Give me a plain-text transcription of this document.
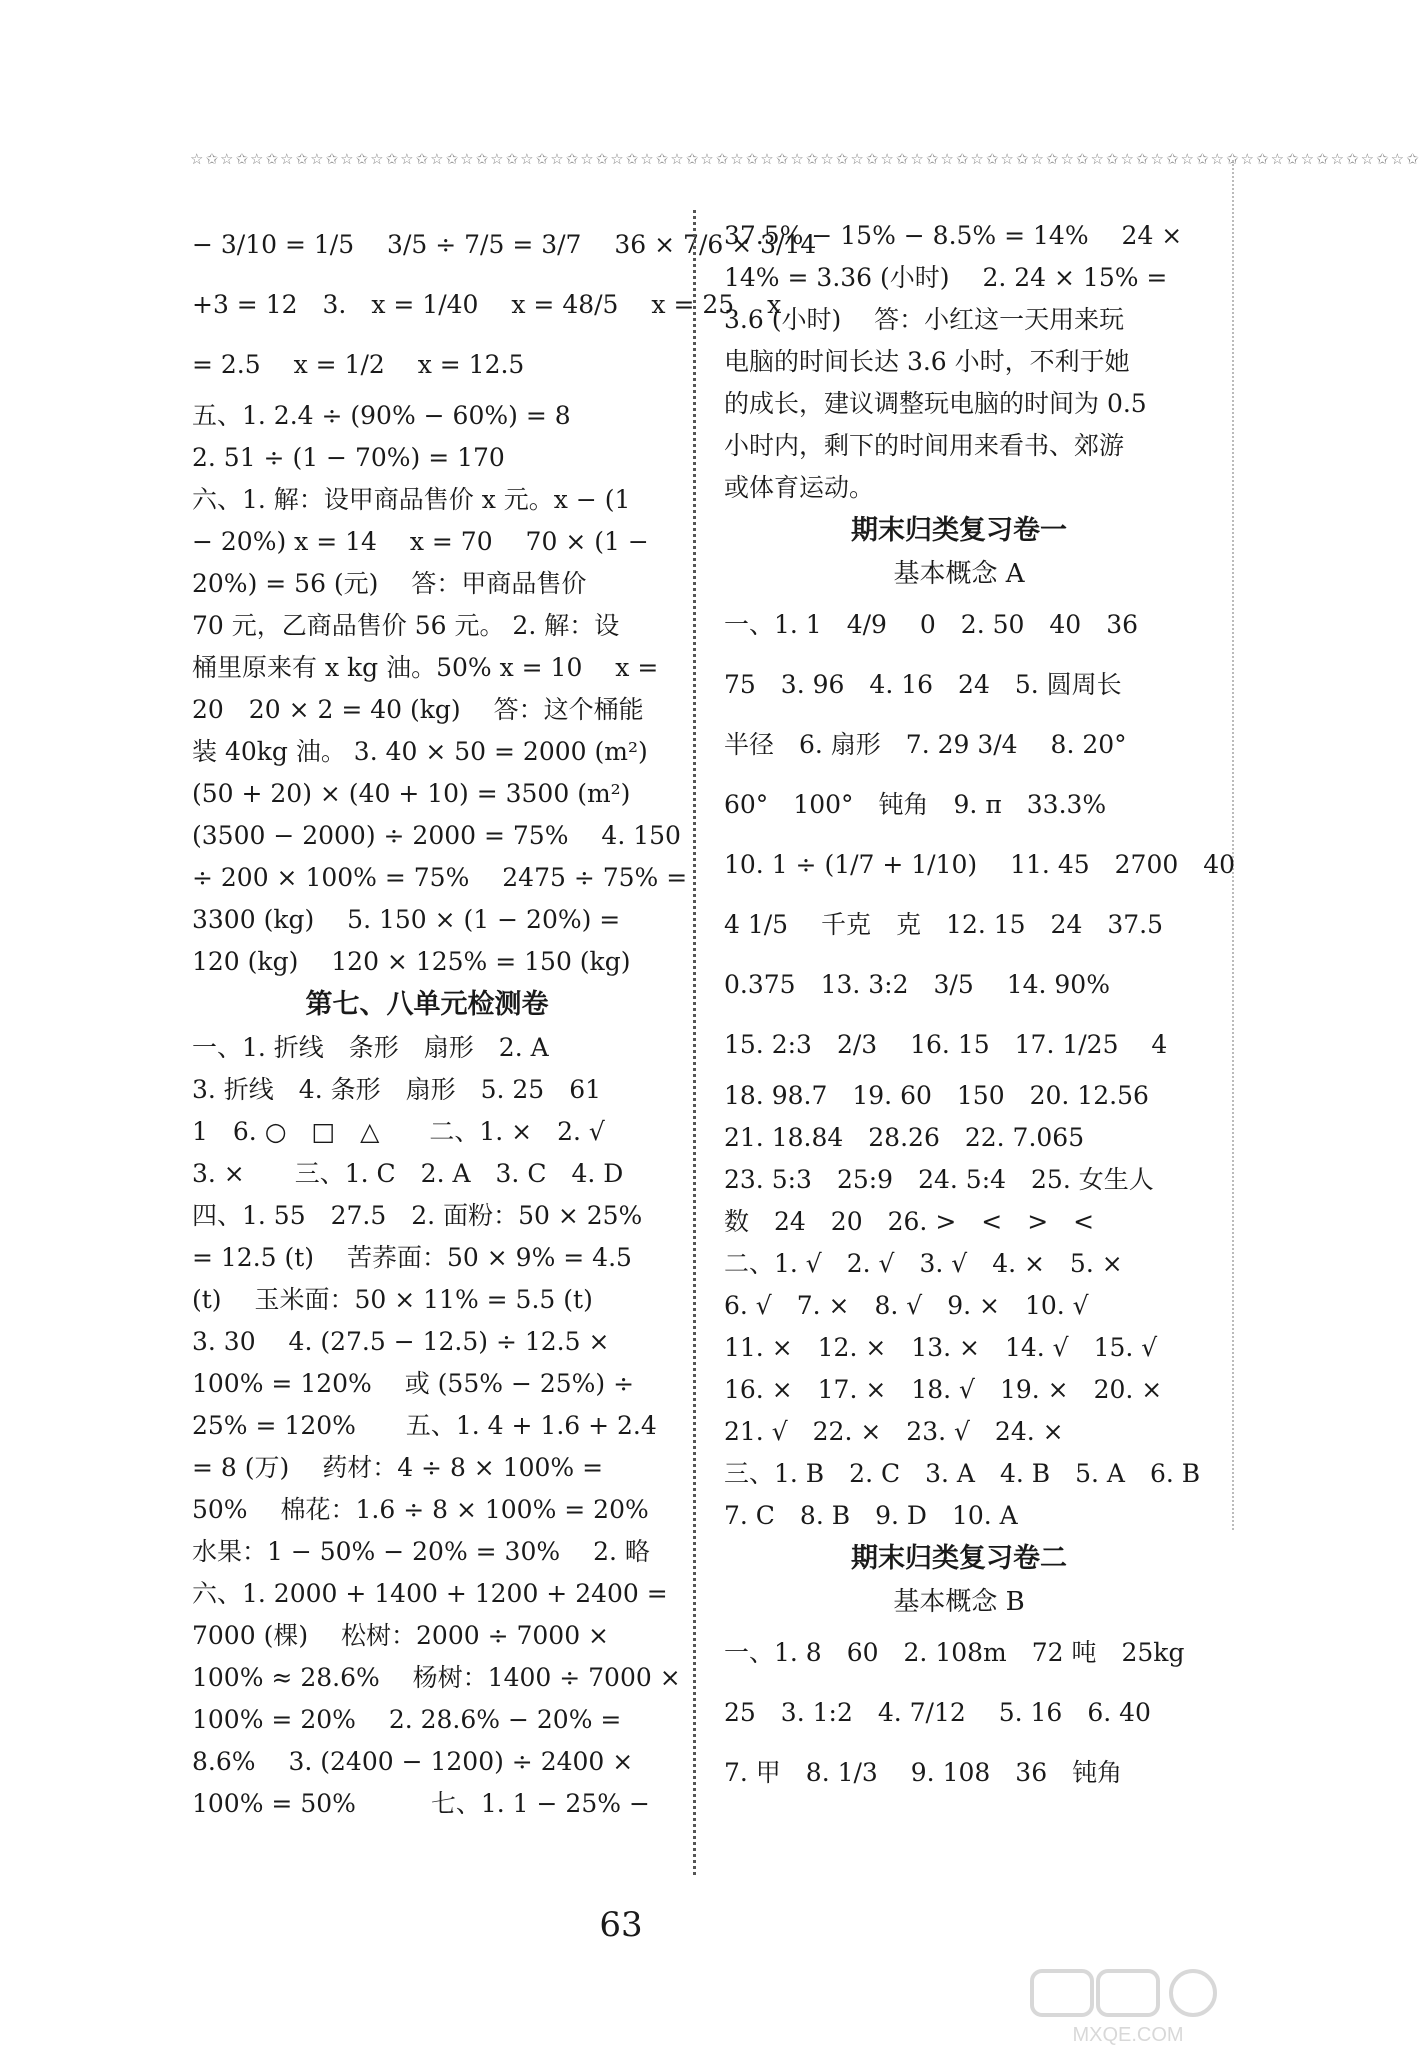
☆✩☆✩☆✩☆✩☆✩☆✩☆✩☆✩☆✩☆✩☆✩☆✩☆✩☆✩☆✩☆✩☆✩☆✩☆✩☆✩☆✩☆✩☆✩☆✩☆✩☆✩☆✩☆✩☆✩☆✩☆✩☆✩☆✩☆✩☆✩☆✩☆✩☆✩☆✩☆✩☆✩
− 3/10 = 1/5　 3/5 ÷ 7/5 = 3/7　 36 × 7/6 × 3/14
+3 = 12　3.　x = 1/40　 x = 48/5　 x = 25　 x
= 2.5　 x = 1/2　 x = 12.5
五、1. 2.4 ÷ (90% − 60%) = 8
2. 51 ÷ (1 − 70%) = 170
六、1. 解：设甲商品售价 x 元。x − (1
− 20%) x = 14　 x = 70　 70 × (1 −
20%) = 56 (元)　 答：甲商品售价
70 元，乙商品售价 56 元。 2. 解：设
桶里原来有 x kg 油。50% x = 10　 x =
20　20 × 2 = 40 (kg)　 答：这个桶能
装 40kg 油。 3. 40 × 50 = 2000 (m²)
(50 + 20) × (40 + 10) = 3500 (m²)
(3500 − 2000) ÷ 2000 = 75%　 4. 150
÷ 200 × 100% = 75%　 2475 ÷ 75% =
3300 (kg)　 5. 150 × (1 − 20%) =
120 (kg)　 120 × 125% = 150 (kg)
第七、八单元检测卷
一、1. 折线　条形　扇形　2. A
3. 折线　4. 条形　扇形　5. 25　61
1　6. ○　□　△　　二、1. ×　2. √
3. ×　　三、1. C　2. A　3. C　4. D
四、1. 55　27.5　2. 面粉：50 × 25%
= 12.5 (t)　 苦荞面：50 × 9% = 4.5
(t)　 玉米面：50 × 11% = 5.5 (t)
3. 30　 4. (27.5 − 12.5) ÷ 12.5 ×
100% = 120%　 或 (55% − 25%) ÷
25% = 120%　　五、1. 4 + 1.6 + 2.4
= 8 (万)　 药材：4 ÷ 8 × 100% =
50%　 棉花：1.6 ÷ 8 × 100% = 20%
水果：1 − 50% − 20% = 30%　 2. 略
六、1. 2000 + 1400 + 1200 + 2400 =
7000 (棵)　 松树：2000 ÷ 7000 ×
100% ≈ 28.6%　 杨树：1400 ÷ 7000 ×
100% = 20%　 2. 28.6% − 20% =
8.6%　 3. (2400 − 1200) ÷ 2400 ×
100% = 50%　　　七、1. 1 − 25% −
37.5% − 15% − 8.5% = 14%　 24 ×
14% = 3.36 (小时)　 2. 24 × 15% =
3.6 (小时)　 答：小红这一天用来玩
电脑的时间长达 3.6 小时，不利于她
的成长，建议调整玩电脑的时间为 0.5
小时内，剩下的时间用来看书、郊游
或体育运动。
期末归类复习卷一
基本概念 A
一、1. 1　4/9　 0　2. 50　40　36
75　3. 96　4. 16　24　5. 圆周长
半径　6. 扇形　7. 29 3/4　 8. 20°
60°　100°　钝角　9. π　33.3%
10. 1 ÷ (1/7 + 1/10)　 11. 45　2700　40
4 1/5　 千克　克　12. 15　24　37.5
0.375　13. 3:2　3/5　 14. 90%
15. 2:3　2/3　 16. 15　17. 1/25　 4
18. 98.7　19. 60　150　20. 12.56
21. 18.84　28.26　22. 7.065
23. 5:3　25:9　24. 5:4　25. 女生人
数　24　20　26. >　<　>　<
二、1. √　2. √　3. √　4. ×　5. ×
6. √　7. ×　8. √　9. ×　10. √
11. ×　12. ×　13. ×　14. √　15. √
16. ×　17. ×　18. √　19. ×　20. ×
21. √　22. ×　23. √　24. ×
三、1. B　2. C　3. A　4. B　5. A　6. B
7. C　8. B　9. D　10. A
期末归类复习卷二
基本概念 B
一、1. 8　60　2. 108m　72 吨　25kg
25　3. 1:2　4. 7/12　 5. 16　6. 40
7. 甲　8. 1/3　 9. 108　36　钝角
63
MXQE.COM
